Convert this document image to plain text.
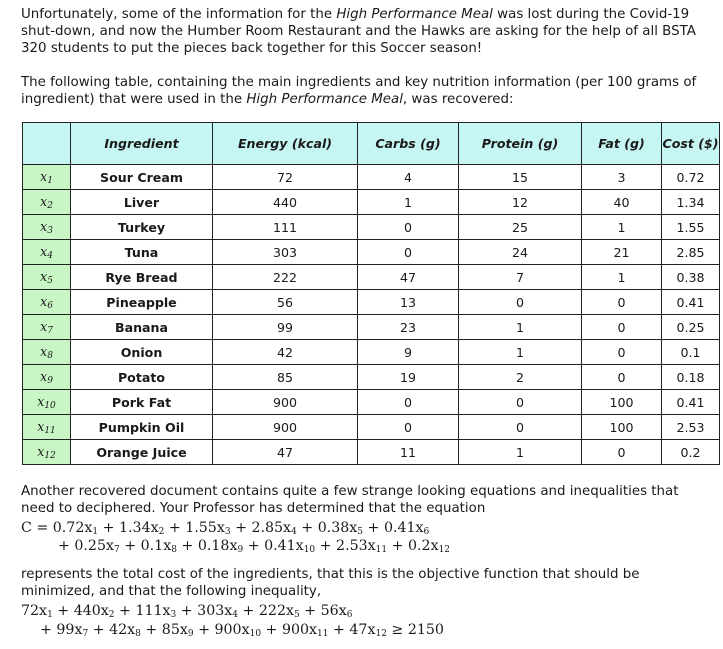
Unfortunately, some of the information for the High Performance Meal was lost during the Covid-19 shut-down, and now the Humber Room Restaurant and the Hawks are asking for the help of all BSTA 320 students to put the pieces back together for this Soccer season!
The following table, containing the main ingredients and key nutrition information (per 100 grams of ingredient) that were used in the High Performance Meal, was recovered:
	Ingredient	Energy (kcal)	Carbs (g)	Protein (g)	Fat (g)	Cost ($)
$x_1$	Sour Cream	72	4	15	3	0.72
$x_2$	Liver	440	1	12	40	1.34
$x_3$	Turkey	111	0	25	1	1.55
$x_4$	Tuna	303	0	24	21	2.85
$x_5$	Rye Bread	222	47	7	1	0.38
$x_6$	Pineapple	56	13	0	0	0.41
$x_7$	Banana	99	23	1	0	0.25
$x_8$	Onion	42	9	1	0	0.1
$x_9$	Potato	85	19	2	0	0.18
$x_{10}$	Pork Fat	900	0	0	100	0.41
$x_{11}$	Pumpkin Oil	900	0	0	100	2.53
$x_{12}$	Orange Juice	47	11	1	0	0.2
Another recovered document contains quite a few strange looking equations and inequalities that need to deciphered. Your Professor has determined that the equation
$C = 0.72x_1 + 1.34x_2 + 1.55x_3 + 2.85x_4 + 0.38x_5 + 0.41x_6$
+ $0.25x_7 + 0.1x_8 + 0.18x_9 + 0.41x_{10} + 2.53x_{11} + 0.2x_{12}$
represents the total cost of the ingredients, that this is the objective function that should be minimized, and that the following inequality,
$72x_1 + 440x_2 + 111x_3 + 303x_4 + 222x_5 + 56x_6$
+ $99x_7 + 42x_8 + 85x_9 + 900x_{10} + 900x_{11} + 47x_{12} \ge 2150$
